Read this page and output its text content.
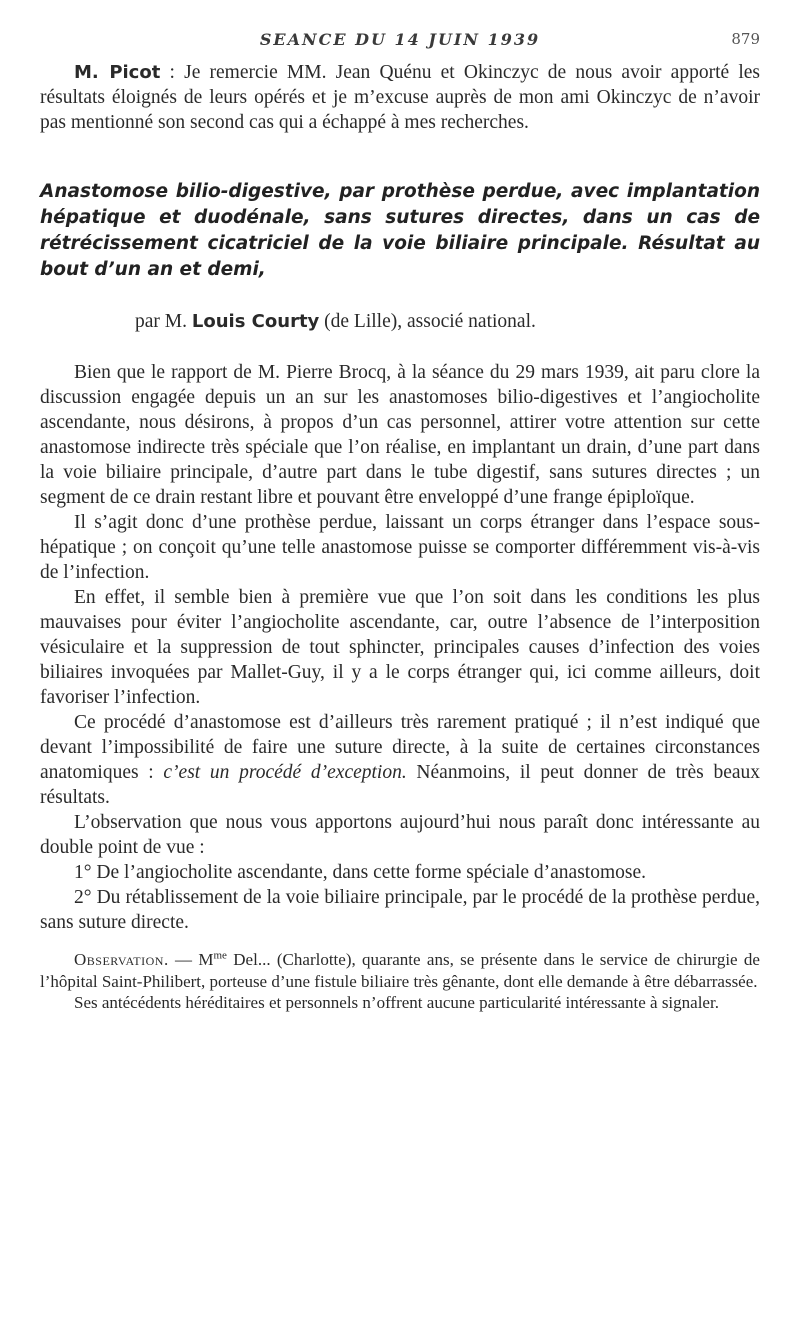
SEANCE DU 14 JUIN 1939	879

M. Picot : Je remercie MM. Jean Quénu et Okinczyc de nous avoir apporté les résultats éloignés de leurs opérés et je m’excuse auprès de mon ami Okinczyc de n’avoir pas mentionné son second cas qui a échappé à mes recherches.

Anastomose bilio-digestive, par prothèse perdue, avec implantation hépatique et duodénale, sans sutures directes, dans un cas de rétrécissement cicatriciel de la voie biliaire principale. Résultat au bout d’un an et demi,

par M. Louis Courty (de Lille), associé national.

Bien que le rapport de M. Pierre Brocq, à la séance du 29 mars 1939, ait paru clore la discussion engagée depuis un an sur les anastomoses bilio-digestives et l’angiocholite ascendante, nous désirons, à propos d’un cas personnel, attirer votre attention sur cette anastomose indirecte très spéciale que l’on réalise, en implantant un drain, d’une part dans la voie biliaire principale, d’autre part dans le tube digestif, sans sutures directes ; un segment de ce drain restant libre et pouvant être enveloppé d’une frange épiploïque.

Il s’agit donc d’une prothèse perdue, laissant un corps étranger dans l’espace sous-hépatique ; on conçoit qu’une telle anastomose puisse se comporter différemment vis-à-vis de l’infection.

En effet, il semble bien à première vue que l’on soit dans les conditions les plus mauvaises pour éviter l’angiocholite ascendante, car, outre l’absence de l’interposition vésiculaire et la suppression de tout sphincter, principales causes d’infection des voies biliaires invoquées par Mallet-Guy, il y a le corps étranger qui, ici comme ailleurs, doit favoriser l’infection.

Ce procédé d’anastomose est d’ailleurs très rarement pratiqué ; il n’est indiqué que devant l’impossibilité de faire une suture directe, à la suite de certaines circonstances anatomiques : c’est un procédé d’exception. Néanmoins, il peut donner de très beaux résultats.

L’observation que nous vous apportons aujourd’hui nous paraît donc intéressante au double point de vue :

1° De l’angiocholite ascendante, dans cette forme spéciale d’anastomose.

2° Du rétablissement de la voie biliaire principale, par le procédé de la prothèse perdue, sans suture directe.

Observation. — $M^{me}$ Del... (Charlotte), quarante ans, se présente dans le service de chirurgie de l’hôpital Saint-Philibert, porteuse d’une fistule biliaire très gênante, dont elle demande à être débarrassée.

Ses antécédents héréditaires et personnels n’offrent aucune particularité intéressante à signaler.
